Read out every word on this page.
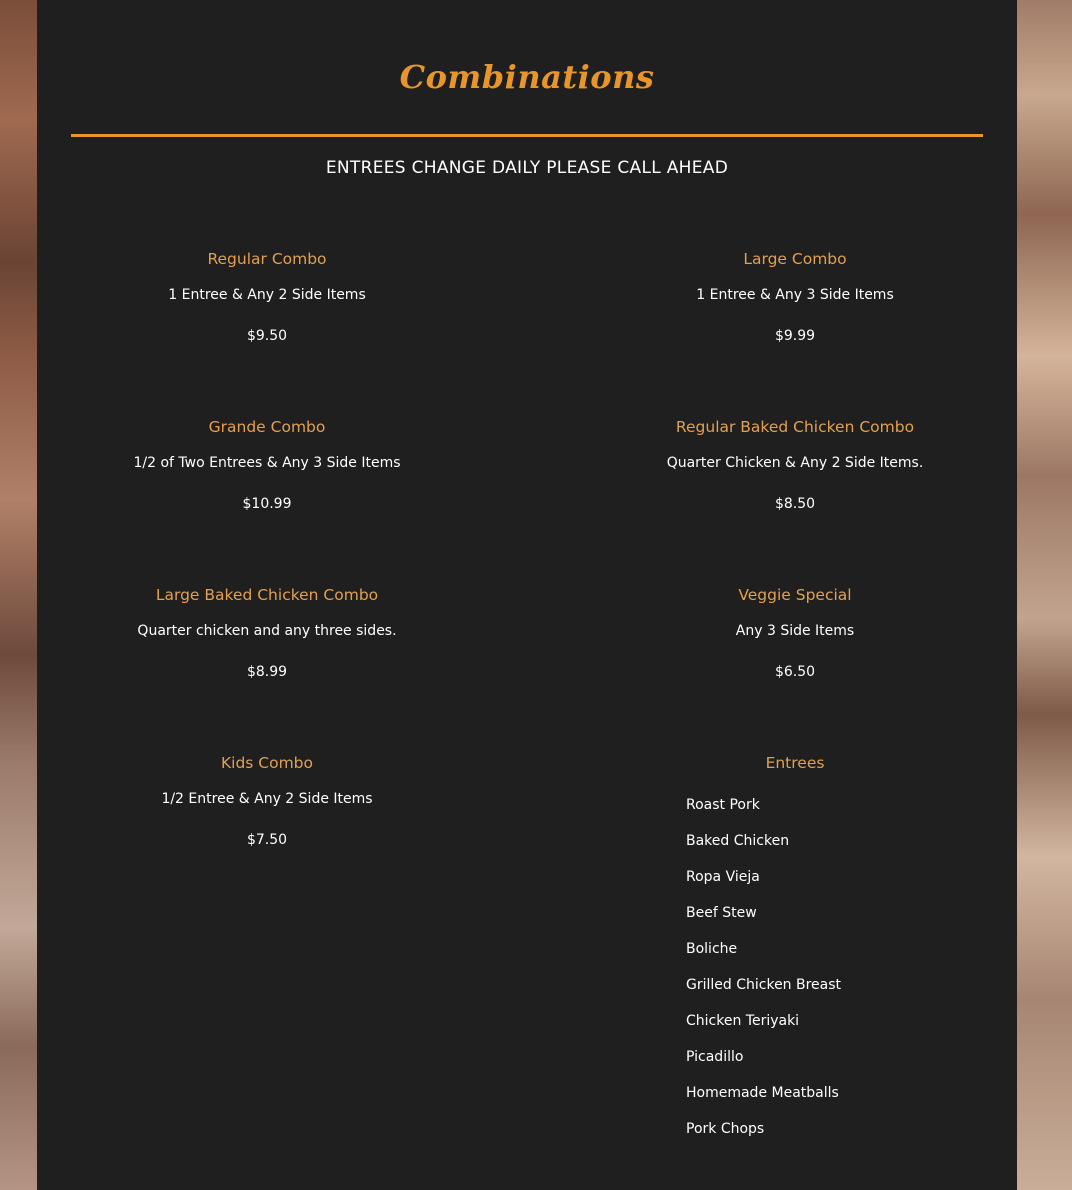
Combinations
ENTREES CHANGE DAILY PLEASE CALL AHEAD
Regular Combo
1 Entree & Any 2 Side Items
$9.50
Large Combo
1 Entree & Any 3 Side Items
$9.99
Grande Combo
1/2 of Two Entrees & Any 3 Side Items
$10.99
Regular Baked Chicken Combo
Quarter Chicken & Any 2 Side Items.
$8.50
Large Baked Chicken Combo
Quarter chicken and any three sides.
$8.99
Veggie Special
Any 3 Side Items
$6.50
Kids Combo
1/2 Entree & Any 2 Side Items
$7.50
Entrees
Roast Pork
Baked Chicken
Ropa Vieja
Beef Stew
Boliche
Grilled Chicken Breast
Chicken Teriyaki
Picadillo
Homemade Meatballs
Pork Chops
